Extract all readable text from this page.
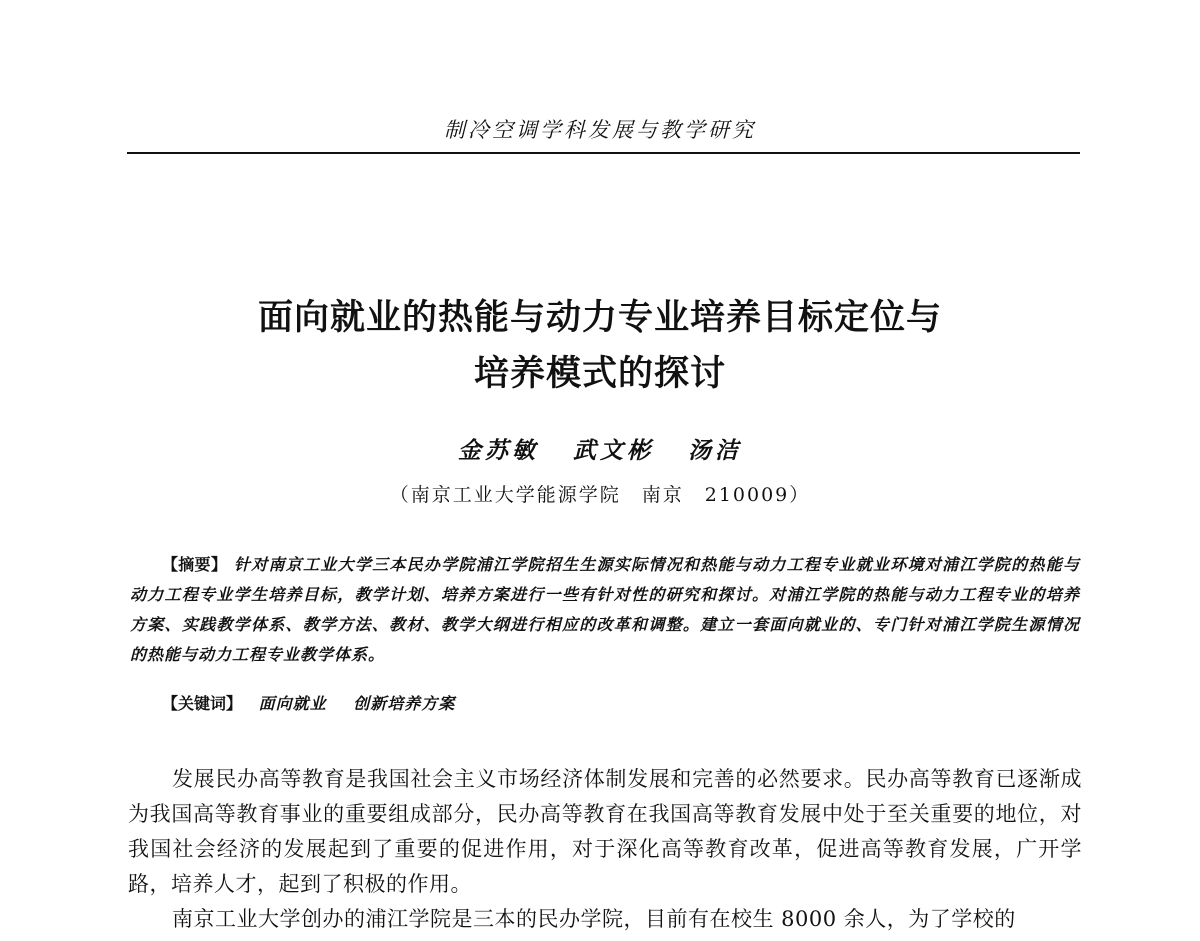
制冷空调学科发展与教学研究
面向就业的热能与动力专业培养目标定位与
培养模式的探讨
金苏敏 武文彬 汤洁
（南京工业大学能源学院　南京　210009）
【摘要】 针对南京工业大学三本民办学院浦江学院招生生源实际情况和热能与动力工程专业就业环境对浦江学院的热能与动力工程专业学生培养目标，教学计划、培养方案进行一些有针对性的研究和探讨。对浦江学院的热能与动力工程专业的培养方案、实践教学体系、教学方法、教材、教学大纲进行相应的改革和调整。建立一套面向就业的、专门针对浦江学院生源情况的热能与动力工程专业教学体系。
【关键词】 面向就业 创新培养方案

发展民办高等教育是我国社会主义市场经济体制发展和完善的必然要求。民办高等教育已逐渐成为我国高等教育事业的重要组成部分，民办高等教育在我国高等教育发展中处于至关重要的地位，对我国社会经济的发展起到了重要的促进作用，对于深化高等教育改革，促进高等教育发展，广开学路，培养人才，起到了积极的作用。

南京工业大学创办的浦江学院是三本的民办学院，目前有在校生 8000 余人，为了学校的
